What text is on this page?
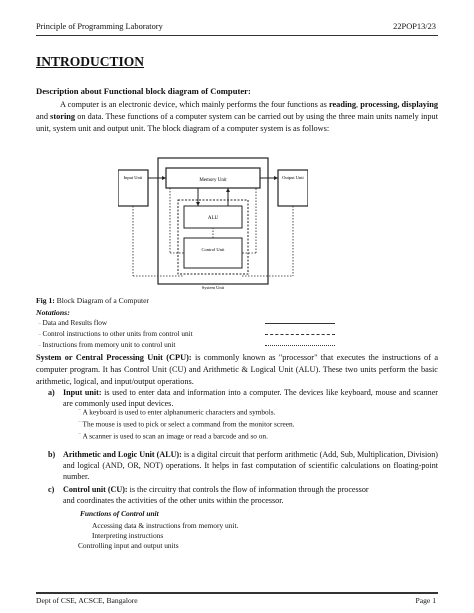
Principle of Programming Laboratory	22POP13/23
INTRODUCTION
Description about Functional block diagram of Computer:
A computer is an electronic device, which mainly performs the four functions as reading, processing, displaying and storing on data. These functions of a computer system can be carried out by using the three main units namely input unit, system unit and output unit. The block diagram of a computer system is as follows:
Input Unit	Output Unit
System Unit
Memory Unit
ALU
Control Unit
Fig 1: Block Diagram of a Computer
Notations:
– Data and Results flow
– Control instructions to other units from control unit
– Instructions from memory unit to control unit
System or Central Processing Unit (CPU): is commonly known as "processor" that executes the instructions of a computer program. It has Control Unit (CU) and Arithmetic & Logical Unit (ALU). These two units perform the basic arithmetic, logical, and input/output operations.
a) Input unit: is used to enter data and information into a computer. The devices like keyboard, mouse and scanner are commonly used input devices.
– A keyboard is used to enter alphanumeric characters and symbols.
– The mouse is used to pick or select a command from the monitor screen.
– A scanner is used to scan an image or read a barcode and so on.
b) Arithmetic and Logic Unit (ALU): is a digital circuit that perform arithmetic (Add, Sub, Multiplication, Division) and logical (AND, OR, NOT) operations. It helps in fast computation of scientific calculations on floating-point number.
c) Control unit (CU): is the circuitry that controls the flow of information through the processor
and coordinates the activities of the other units within the processor.
Functions of Control unit
Accessing data & instructions from memory unit.
Interpreting instructions
Controlling input and output units
Dept of CSE, ACSCE, Bangalore	Page 1
